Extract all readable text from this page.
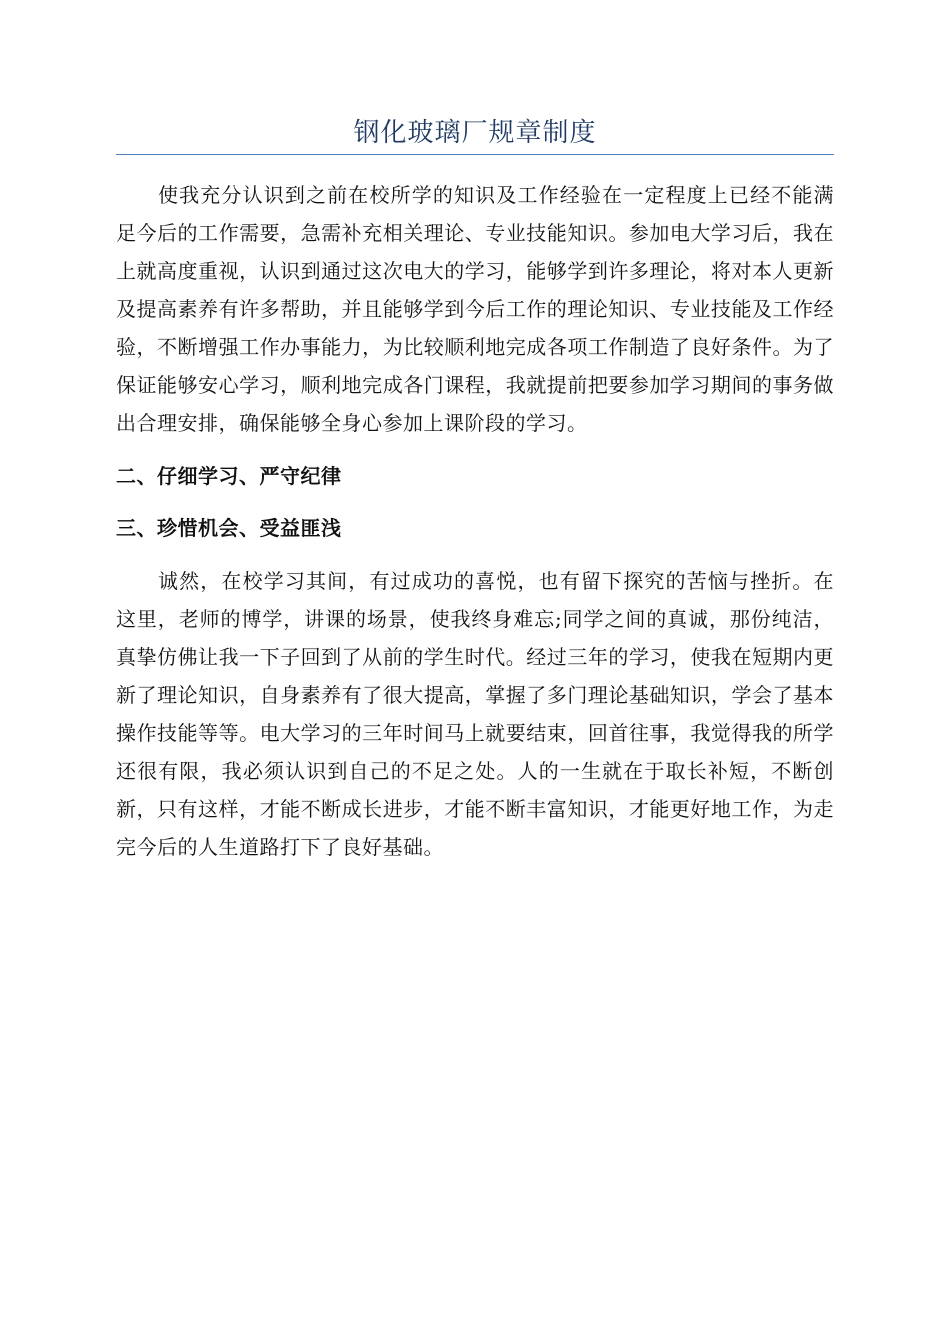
钢化玻璃厂规章制度

使我充分认识到之前在校所学的知识及工作经验在一定程度上已经不能满足今后的工作需要，急需补充相关理论、专业技能知识。参加电大学习后，我在上就高度重视，认识到通过这次电大的学习，能够学到许多理论，将对本人更新及提高素养有许多帮助，并且能够学到今后工作的理论知识、专业技能及工作经验，不断增强工作办事能力，为比较顺利地完成各项工作制造了良好条件。为了保证能够安心学习，顺利地完成各门课程，我就提前把要参加学习期间的事务做出合理安排，确保能够全身心参加上课阶段的学习。

二、仔细学习、严守纪律
三、珍惜机会、受益匪浅

诚然，在校学习其间，有过成功的喜悦，也有留下探究的苦恼与挫折。在这里，老师的博学，讲课的场景，使我终身难忘;同学之间的真诚，那份纯洁，真挚仿佛让我一下子回到了从前的学生时代。经过三年的学习，使我在短期内更新了理论知识，自身素养有了很大提高，掌握了多门理论基础知识，学会了基本操作技能等等。电大学习的三年时间马上就要结束，回首往事，我觉得我的所学还很有限，我必须认识到自己的不足之处。人的一生就在于取长补短，不断创新，只有这样，才能不断成长进步，才能不断丰富知识，才能更好地工作，为走完今后的人生道路打下了良好基础。
